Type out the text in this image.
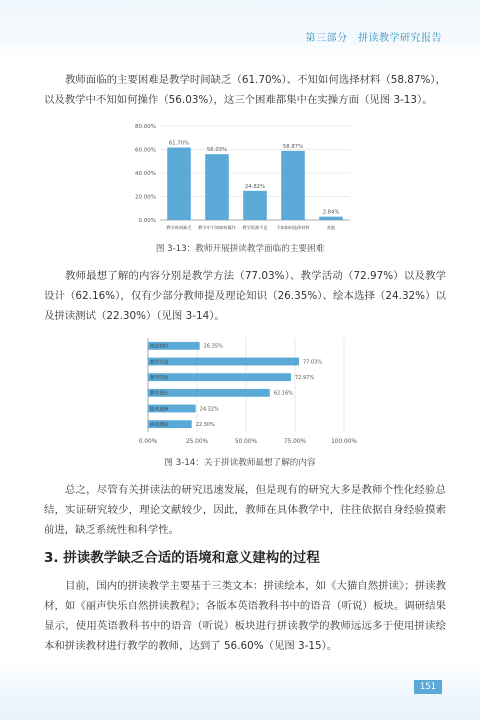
第三部分　拼读教学研究报告

教师面临的主要困难是教学时间缺乏（61.70%）、不知如何选择材料（58.87%），以及教学中不知如何操作（56.03%），这三个困难都集中在实操方面（见图 3-13）。

0.00%
20.00%
40.00%
60.00%
80.00%
61.70%
教学时间缺乏
56.03%
教学中不知如何操作
24.82%
教学资源不足
58.87%
不知如何选择材料
2.84%
其他
图 3-13：教师开展拼读教学面临的主要困难

教师最想了解的内容分别是教学方法（77.03%）、教学活动（72.97%）以及教学设计（62.16%），仅有少部分教师提及理论知识（26.35%）、绘本选择（24.32%）以及拼读测试（22.30%）（见图 3-14）。

0.00%	25.00%	50.00%	75.00%	100.00%
理论知识	26.35%
教学方法	77.03%
教学活动	72.97%
教学设计	62.16%
绘本选择	24.32%
拼读测试	22.30%
图 3-14：关于拼读教师最想了解的内容

总之，尽管有关拼读法的研究迅速发展，但是现有的研究大多是教师个性化经验总结，实证研究较少，理论文献较少，因此，教师在具体教学中，往往依据自身经验摸索前进，缺乏系统性和科学性。

3. 拼读教学缺乏合适的语境和意义建构的过程

目前，国内的拼读教学主要基于三类文本：拼读绘本，如《大猫自然拼读》；拼读教材，如《丽声快乐自然拼读教程》；各版本英语教科书中的语音（听说）板块。调研结果显示，使用英语教科书中的语音（听说）板块进行拼读教学的教师远远多于使用拼读绘本和拼读教材进行教学的教师，达到了 56.60%（见图 3-15）。

151
